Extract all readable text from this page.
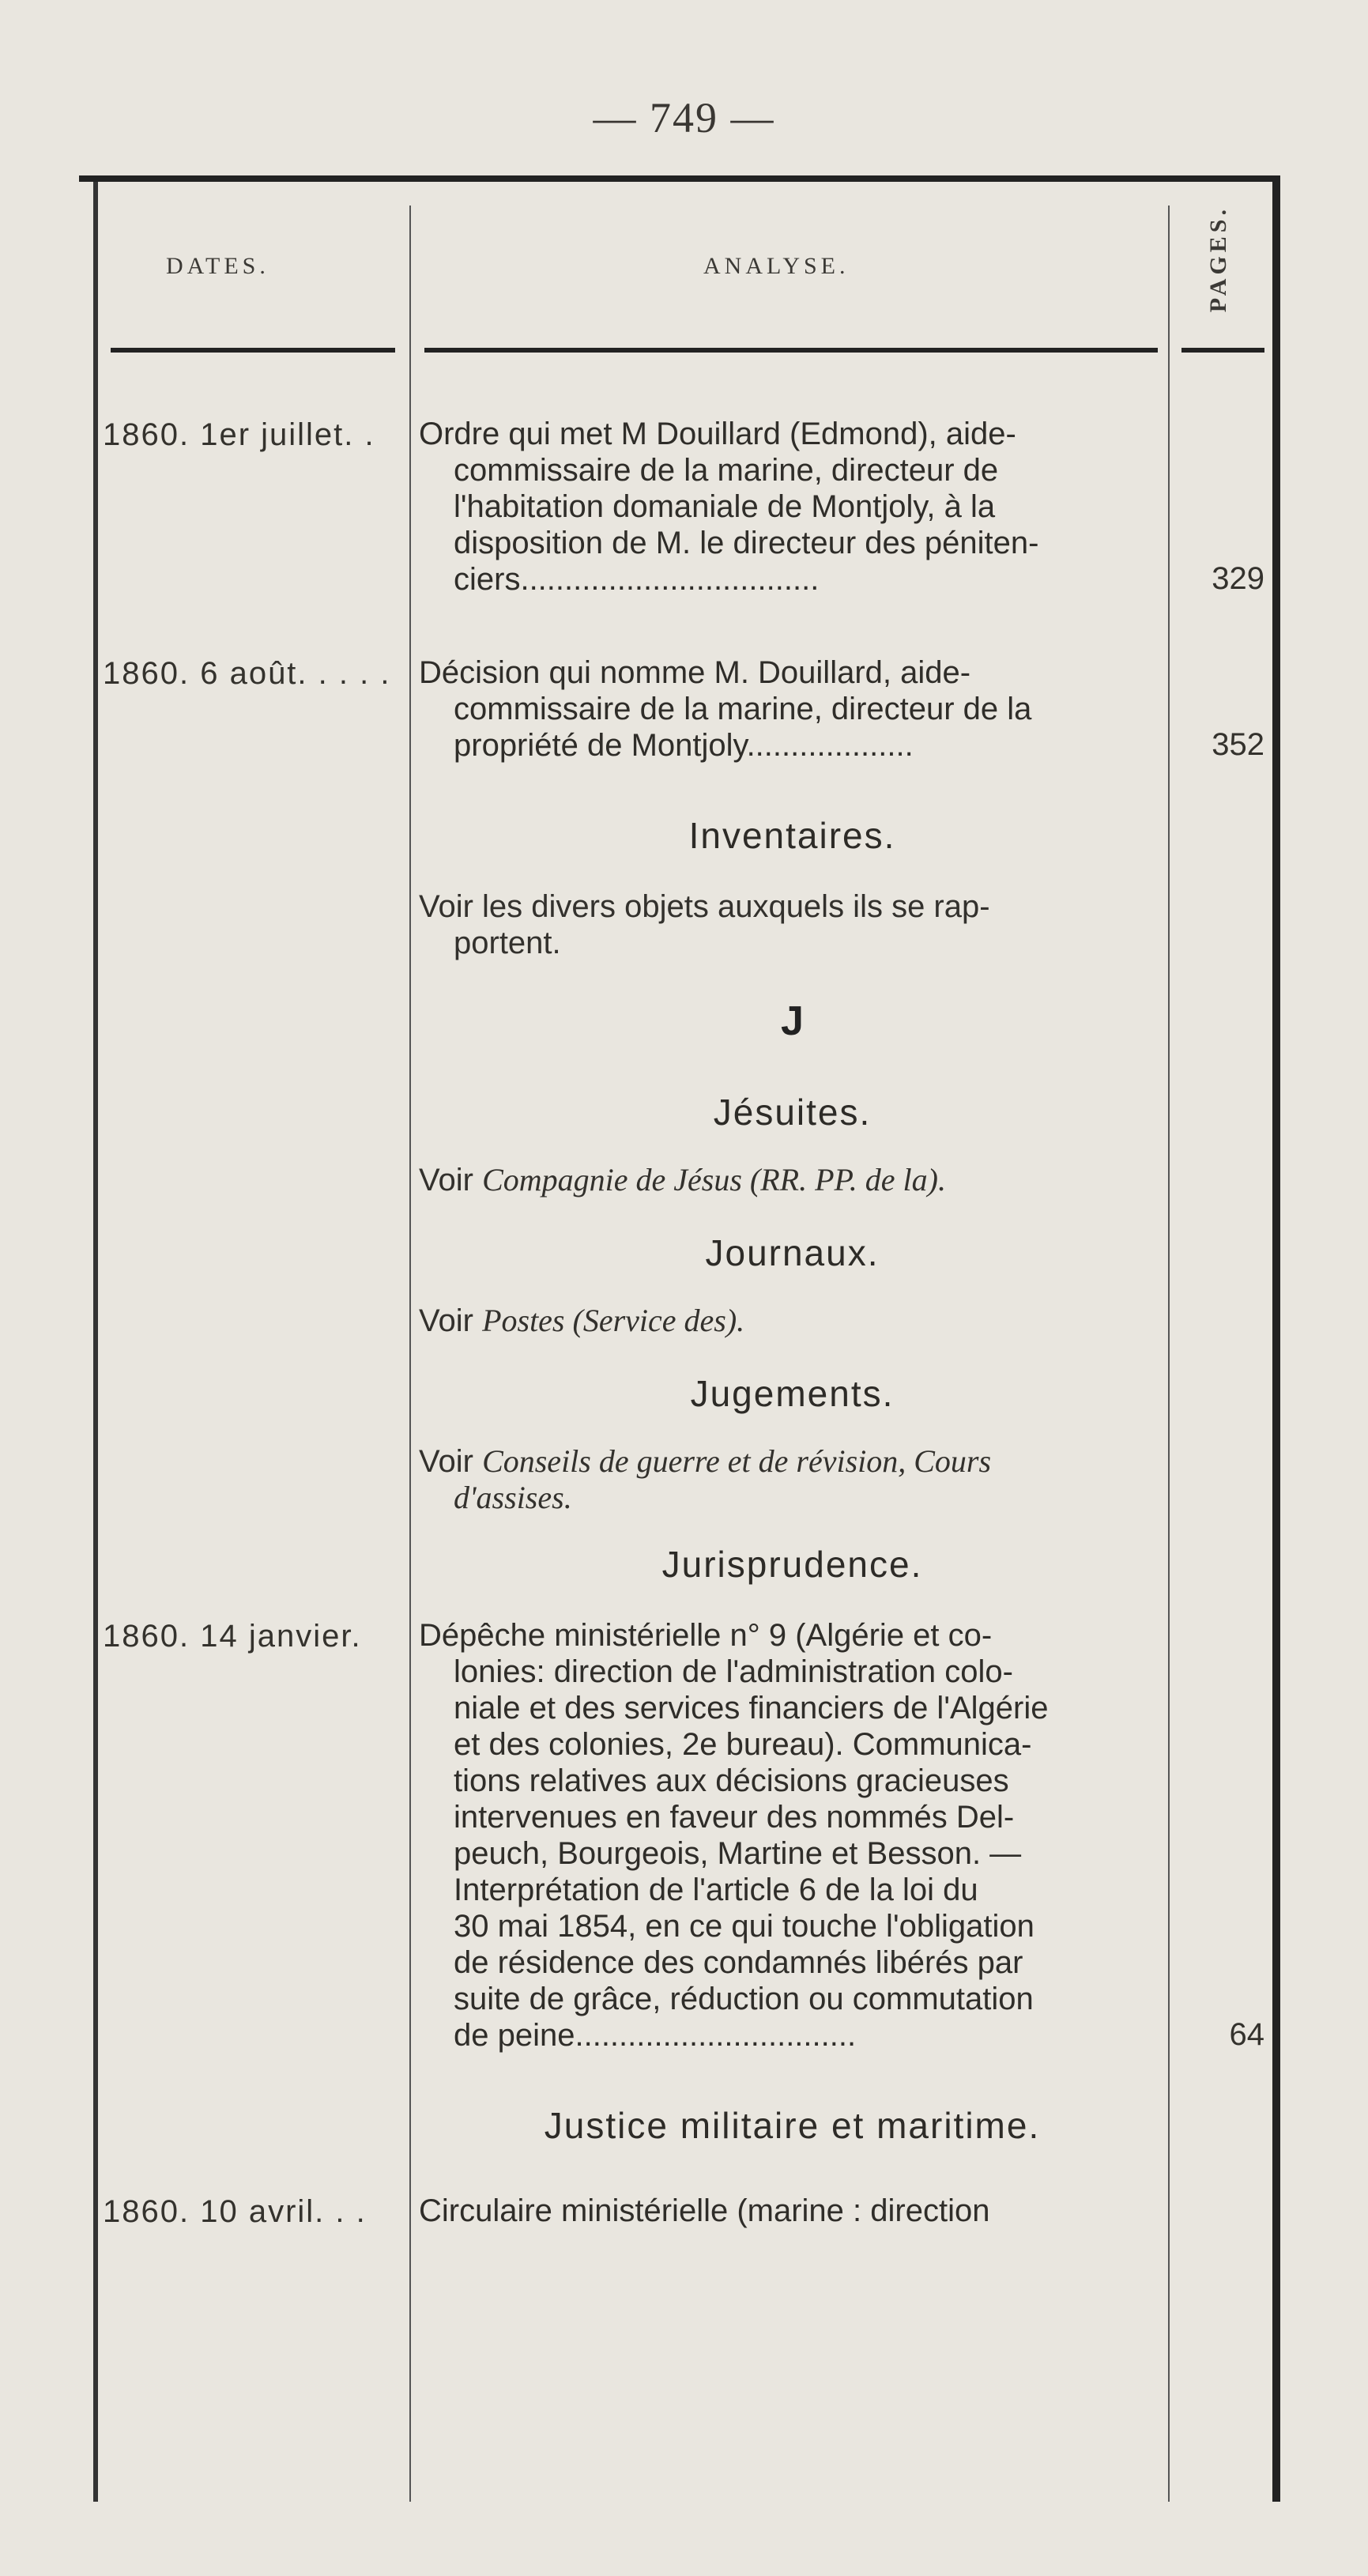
— 749 —
DATES.	ANALYSE.	PAGES.
1860. 1er juillet. . Ordre qui met M Douillard (Edmond), aide-
commissaire de la marine, directeur de
l'habitation domaniale de Montjoly, à la
disposition de M. le directeur des péniten-
ciers..................................	329
1860. 6 août. . . . . Décision qui nomme M. Douillard, aide-
commissaire de la marine, directeur de la
propriété de Montjoly...................	352
Inventaires.
Voir les divers objets auxquels ils se rap-
portent.
J
Jésuites.
Voir Compagnie de Jésus (RR. PP. de la).
Journaux.
Voir Postes (Service des).
Jugements.
Voir Conseils de guerre et de révision, Cours
d'assises.
Jurisprudence.
1860. 14 janvier. Dépêche ministérielle n° 9 (Algérie et co-
lonies: direction de l'administration colo-
niale et des services financiers de l'Algérie
et des colonies, 2e bureau). Communica-
tions relatives aux décisions gracieuses
intervenues en faveur des nommés Del-
peuch, Bourgeois, Martine et Besson. —
Interprétation de l'article 6 de la loi du
30 mai 1854, en ce qui touche l'obligation
de résidence des condamnés libérés par
suite de grâce, réduction ou commutation
de peine................................	64
Justice militaire et maritime.
1860. 10 avril. . . Circulaire ministérielle (marine : direction
